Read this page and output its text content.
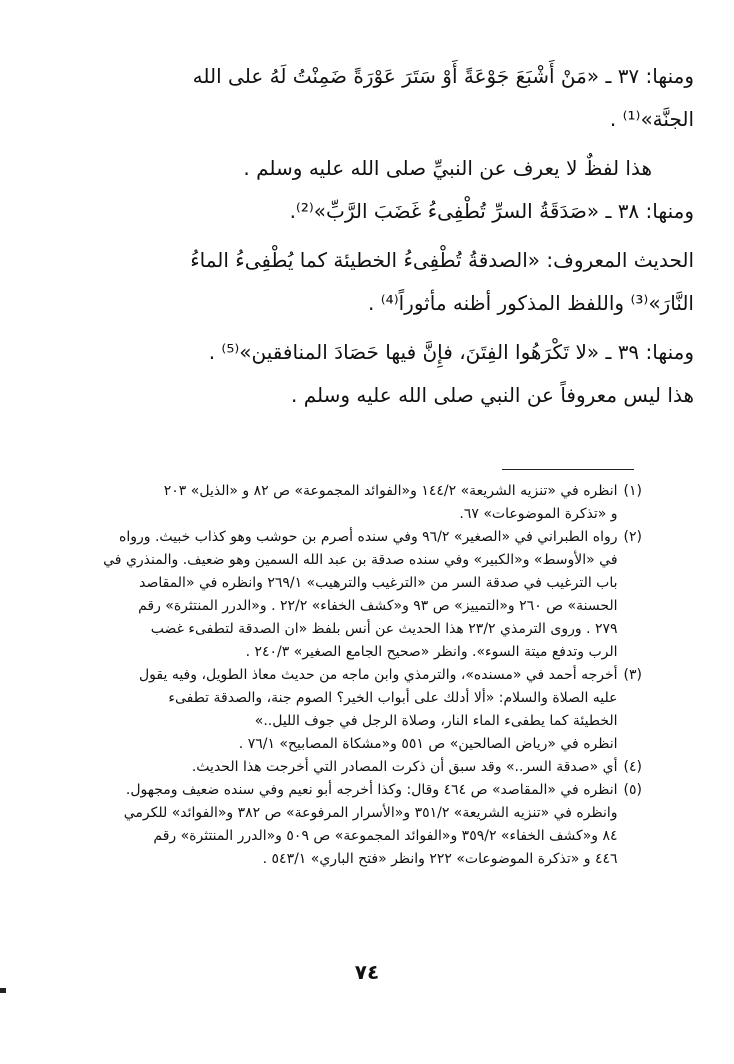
ومنها: ٣٧ ـ «مَنْ أَشْبَعَ جَوْعَةً أَوْ سَتَرَ عَوْرَةً ضَمِنْتُ لَهُ على الله

الجنَّة»⁽¹⁾ .

هذا لفظٌ لا يعرف عن النبيِّ صلى الله عليه وسلم .

ومنها: ٣٨ ـ «صَدَقَةُ السرِّ تُطْفِىءُ غَضَبَ الرَّبِّ»⁽²⁾.

الحديث المعروف: «الصدقةُ تُطْفِىءُ الخطيئة كما يُطْفِىءُ الماءُ

النَّارَ»⁽³⁾ واللفظ المذكور أظنه مأثوراً⁽⁴⁾ .

ومنها: ٣٩ ـ «لا تَكْرَهُوا الفِتَنَ، فإِنَّ فيها حَصَادَ المنافقين»⁽⁵⁾ .

هذا ليس معروفاً عن النبي صلى الله عليه وسلم .

(١)
انظره في «تنزيه الشريعة» ١٤٤/٢ و«الفوائد المجموعة» ص ٨٢ و «الذيل» ٢٠٣
و «تذكرة الموضوعات» ٦٧.
(٢)
رواه الطبراني في «الصغير» ٩٦/٢ وفي سنده أصرم بن حوشب وهو كذاب خبيث. ورواه
في «الأوسط» و«الكبير» وفي سنده صدقة بن عبد الله السمين وهو ضعيف. والمنذري في
باب الترغيب في صدقة السر من «الترغيب والترهيب» ٢٦٩/١ وانظره في «المقاصد
الحسنة» ص ٢٦٠ و«التمييز» ص ٩٣ و«كشف الخفاء» ٢٢/٢ . و«الدرر المنتثرة» رقم
٢٧٩ . وروى الترمذي ٢٣/٢ هذا الحديث عن أنس بلفظ «ان الصدقة لتطفىء غضب
الرب وتدفع ميتة السوء». وانظر «صحيح الجامع الصغير» ٢٤٠/٣ .
(٣)
أخرجه أحمد في «مسنده»، والترمذي وابن ماجه من حديث معاذ الطويل، وفيه يقول
عليه الصلاة والسلام: «ألا أدلك على أبواب الخير؟ الصوم جنة، والصدقة تطفىء
الخطيئة كما يطفىء الماء النار، وصلاة الرجل في جوف الليل..»
انظره في «رياض الصالحين» ص ٥٥١ و«مشكاة المصابيح» ٧٦/١ .
(٤)
أي «صدقة السر..» وقد سبق أن ذكرت المصادر التي أخرجت هذا الحديث.
(٥)
انظره في «المقاصد» ص ٤٦٤ وقال: وكذا أخرجه أبو نعيم وفي سنده ضعيف ومجهول.
وانظره في «تنزيه الشريعة» ٣٥١/٢ و«الأسرار المرفوعة» ص ٣٨٢ و«الفوائد» للكرمي
٨٤ و«كشف الخفاء» ٣٥٩/٢ و«الفوائد المجموعة» ص ٥٠٩ و«الدرر المنتثرة» رقم
٤٤٦ و «تذكرة الموضوعات» ٢٢٢ وانظر «فتح الباري» ٥٤٣/١ .
٧٤
